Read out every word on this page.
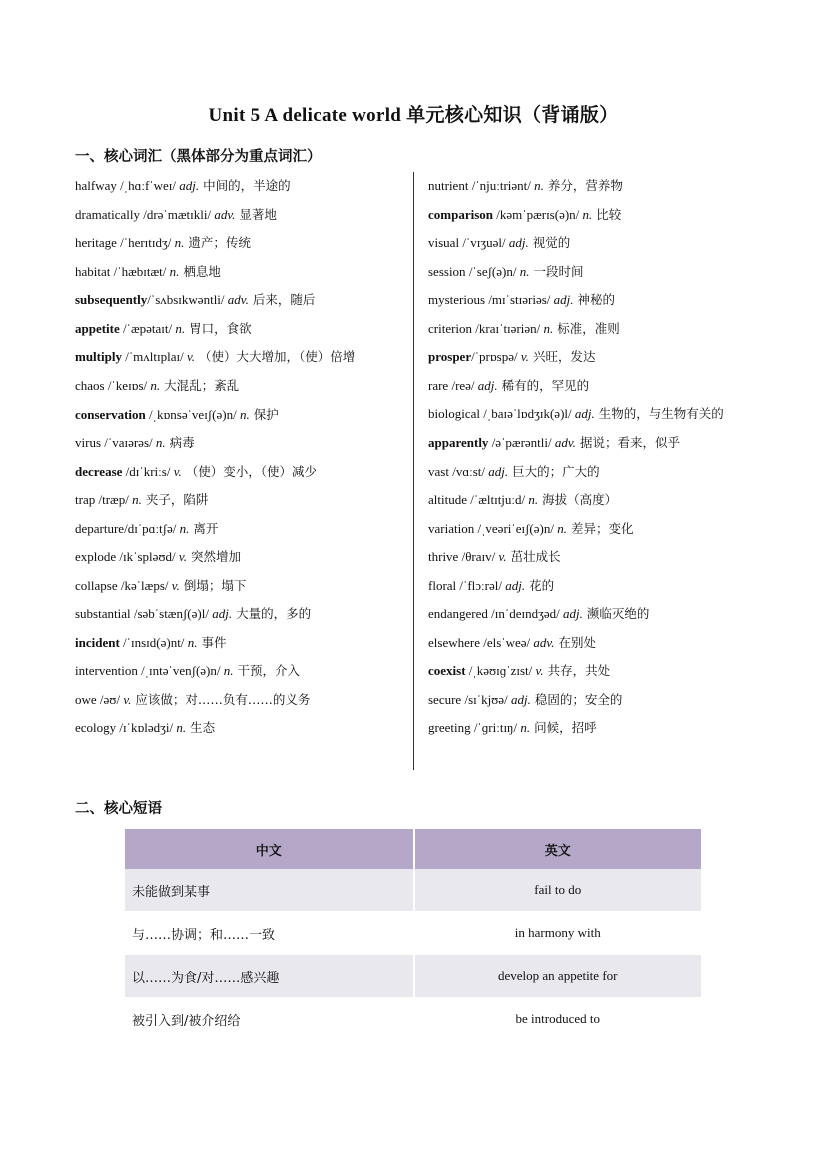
Unit 5 A delicate world 单元核心知识（背诵版）
一、核心词汇（黑体部分为重点词汇）
halfway /ˌhɑːfˈweɪ/ adj. 中间的，半途的
dramatically /drəˈmætɪkli/ adv. 显著地
heritage /ˈherɪtɪdʒ/ n. 遗产；传统
habitat /ˈhæbɪtæt/ n. 栖息地
subsequently/ˈsʌbsɪkwəntli/ adv. 后来，随后
appetite /ˈæpətaɪt/ n. 胃口，食欲
multiply /ˈmʌltɪplaɪ/ v. （使）大大增加，（使）倍增
chaos /ˈkeɪɒs/ n. 大混乱；紊乱
conservation /ˌkɒnsəˈveɪʃ(ə)n/ n. 保护
virus /ˈvaɪərəs/ n. 病毒
decrease /dɪˈkriːs/ v. （使）变小，（使）减少
trap /træp/ n. 夹子，陷阱
departure/dɪˈpɑːtʃə/ n. 离开
explode /ɪkˈspləʊd/ v. 突然增加
collapse /kəˈlæps/ v. 倒塌；塌下
substantial /səbˈstænʃ(ə)l/ adj. 大量的，多的
incident /ˈɪnsɪd(ə)nt/ n. 事件
intervention /ˌɪntəˈvenʃ(ə)n/ n. 干预，介入
owe /əʊ/ v. 应该做；对……负有……的义务
ecology /ɪˈkɒlədʒi/ n. 生态
nutrient /ˈnjuːtriənt/ n. 养分，营养物
comparison /kəmˈpærɪs(ə)n/ n. 比较
visual /ˈvɪʒuəl/ adj. 视觉的
session /ˈseʃ(ə)n/ n. 一段时间
mysterious /mɪˈstɪəriəs/ adj. 神秘的
criterion /kraɪˈtɪəriən/ n. 标准，准则
prosper/ˈprɒspə/ v. 兴旺，发达
rare /reə/ adj. 稀有的，罕见的
biological /ˌbaɪəˈlɒdʒɪk(ə)l/ adj. 生物的，与生物有关的
apparently /əˈpærəntli/ adv. 据说；看来，似乎
vast /vɑːst/ adj. 巨大的；广大的
altitude /ˈæltɪtjuːd/ n. 海拔（高度）
variation /ˌveəriˈeɪʃ(ə)n/ n. 差异；变化
thrive /θraɪv/ v. 茁壮成长
floral /ˈflɔːrəl/ adj. 花的
endangered /ɪnˈdeɪndʒəd/ adj. 濒临灭绝的
elsewhere /elsˈweə/ adv. 在别处
coexist /ˌkəʊɪɡˈzɪst/ v. 共存，共处
secure /sɪˈkjʊə/ adj. 稳固的；安全的
greeting /ˈɡriːtɪŋ/ n. 问候，招呼
二、核心短语
中文	英文
未能做到某事	fail to do
与……协调；和……一致	in harmony with
以……为食/对……感兴趣	develop an appetite for
被引入到/被介绍给	be introduced to
